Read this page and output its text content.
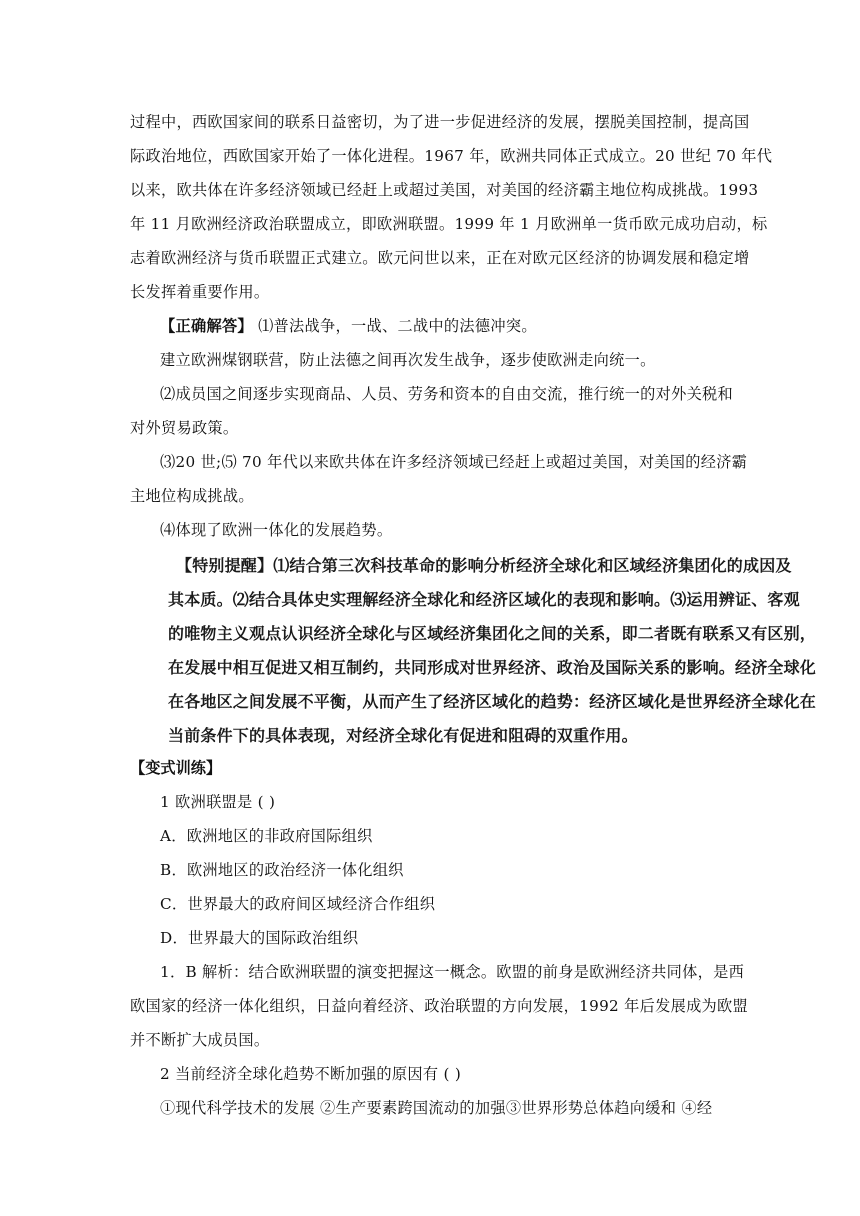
过程中，西欧国家间的联系日益密切，为了进一步促进经济的发展，摆脱美国控制，提高国
际政治地位，西欧国家开始了一体化进程。1967 年，欧洲共同体正式成立。20 世纪 70 年代
以来，欧共体在许多经济领域已经赶上或超过美国，对美国的经济霸主地位构成挑战。1993
年 11 月欧洲经济政治联盟成立，即欧洲联盟。1999 年 1 月欧洲单一货币欧元成功启动，标
志着欧洲经济与货币联盟正式建立。欧元问世以来，正在对欧元区经济的协调发展和稳定增
长发挥着重要作用。
【正确解答】 ⑴普法战争，一战、二战中的法德冲突。
建立欧洲煤钢联营，防止法德之间再次发生战争，逐步使欧洲走向统一。
⑵成员国之间逐步实现商品、人员、劳务和资本的自由交流，推行统一的对外关税和
对外贸易政策。
⑶20 世;⑸ 70 年代以来欧共体在许多经济领域已经赶上或超过美国，对美国的经济霸
主地位构成挑战。
⑷体现了欧洲一体化的发展趋势。
【特别提醒】⑴结合第三次科技革命的影响分析经济全球化和区域经济集团化的成因及
其本质。⑵结合具体史实理解经济全球化和经济区域化的表现和影响。⑶运用辨证、客观
的唯物主义观点认识经济全球化与区域经济集团化之间的关系，即二者既有联系又有区别，
在发展中相互促进又相互制约，共同形成对世界经济、政治及国际关系的影响。经济全球化
在各地区之间发展不平衡，从而产生了经济区域化的趋势：经济区域化是世界经济全球化在
当前条件下的具体表现，对经济全球化有促进和阻碍的双重作用。
【变式训练】
1 欧洲联盟是 ( )
A．欧洲地区的非政府国际组织
B．欧洲地区的政治经济一体化组织
C．世界最大的政府间区域经济合作组织
D．世界最大的国际政治组织
1．B 解析：结合欧洲联盟的演变把握这一概念。欧盟的前身是欧洲经济共同体，是西
欧国家的经济一体化组织，日益向着经济、政治联盟的方向发展，1992 年后发展成为欧盟
并不断扩大成员国。
2 当前经济全球化趋势不断加强的原因有 ( )
①现代科学技术的发展 ②生产要素跨国流动的加强③世界形势总体趋向缓和 ④经
